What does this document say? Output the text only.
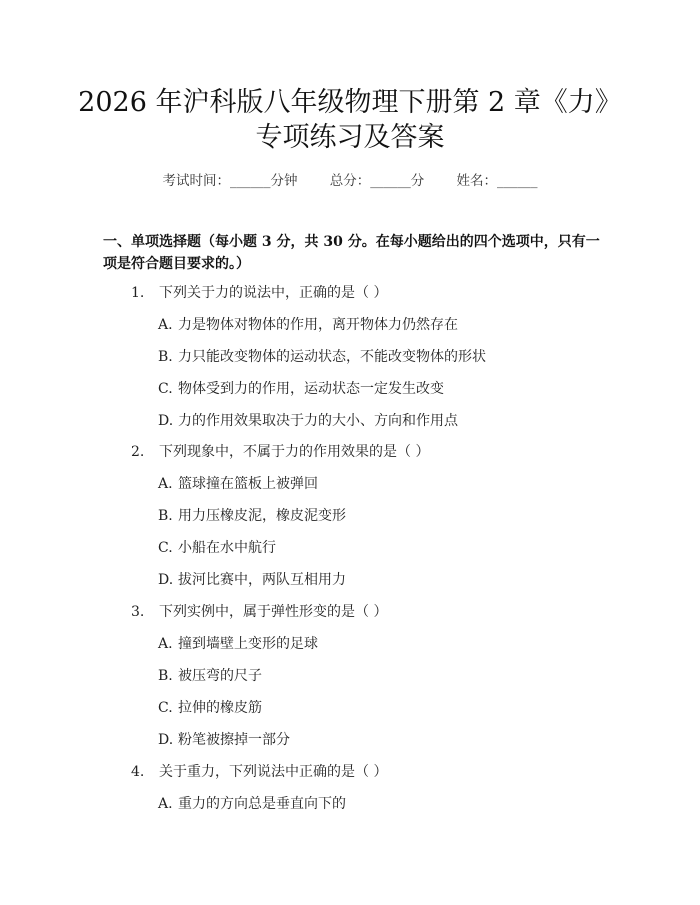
2026 年沪科版八年级物理下册第 2 章《力》
专项练习及答案
考试时间：______分钟 总分：______分 姓名：______
一、单项选择题（每小题 3 分，共 30 分。在每小题给出的四个选项中，只有一项是符合题目要求的。）
1. 下列关于力的说法中，正确的是（ ）
A. 力是物体对物体的作用，离开物体力仍然存在
B. 力只能改变物体的运动状态，不能改变物体的形状
C. 物体受到力的作用，运动状态一定发生改变
D. 力的作用效果取决于力的大小、方向和作用点
2. 下列现象中，不属于力的作用效果的是（ ）
A. 篮球撞在篮板上被弹回
B. 用力压橡皮泥，橡皮泥变形
C. 小船在水中航行
D. 拔河比赛中，两队互相用力
3. 下列实例中，属于弹性形变的是（ ）
A. 撞到墙壁上变形的足球
B. 被压弯的尺子
C. 拉伸的橡皮筋
D. 粉笔被擦掉一部分
4. 关于重力，下列说法中正确的是（ ）
A. 重力的方向总是垂直向下的
